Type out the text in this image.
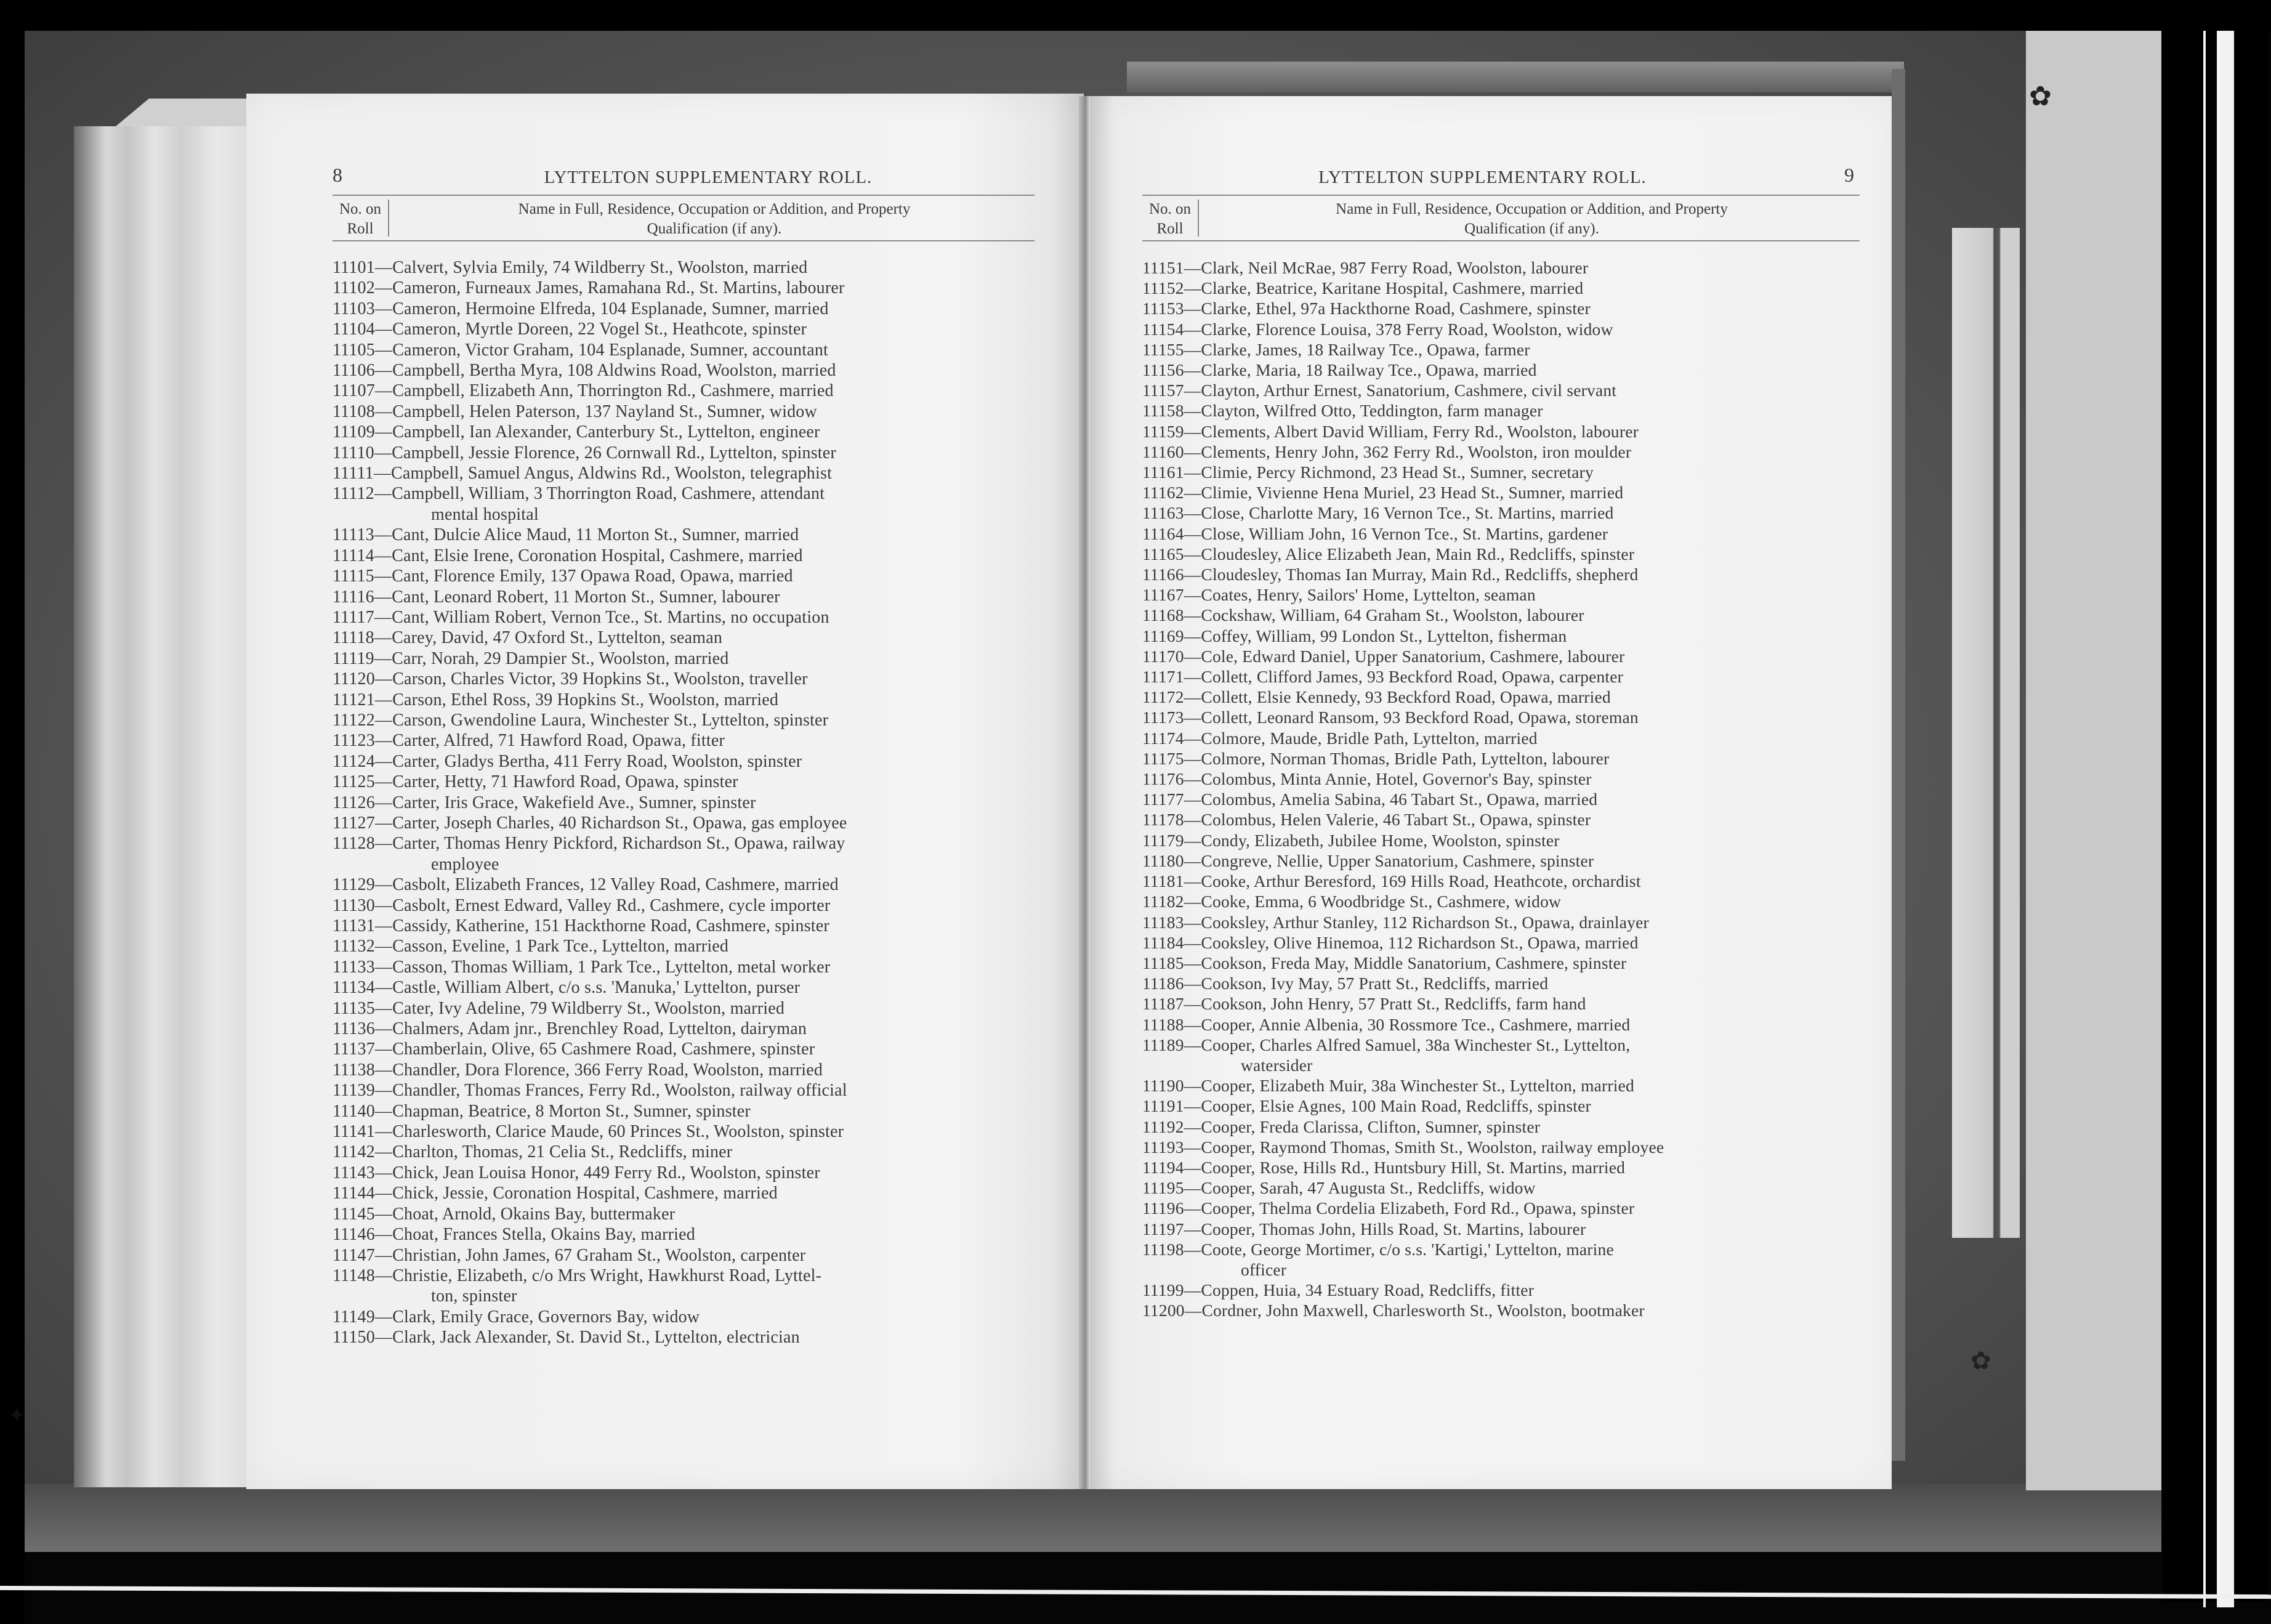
✿
✿
✦
8	LYTTELTON SUPPLEMENTARY ROLL.
No. on
Roll
Name in Full, Residence, Occupation or Addition, and Property
Qualification (if any).
11101—Calvert, Sylvia Emily, 74 Wildberry St., Woolston, married
11102—Cameron, Furneaux James, Ramahana Rd., St. Martins, labourer
11103—Cameron, Hermoine Elfreda, 104 Esplanade, Sumner, married
11104—Cameron, Myrtle Doreen, 22 Vogel St., Heathcote, spinster
11105—Cameron, Victor Graham, 104 Esplanade, Sumner, accountant
11106—Campbell, Bertha Myra, 108 Aldwins Road, Woolston, married
11107—Campbell, Elizabeth Ann, Thorrington Rd., Cashmere, married
11108—Campbell, Helen Paterson, 137 Nayland St., Sumner, widow
11109—Campbell, Ian Alexander, Canterbury St., Lyttelton, engineer
11110—Campbell, Jessie Florence, 26 Cornwall Rd., Lyttelton, spinster
11111—Campbell, Samuel Angus, Aldwins Rd., Woolston, telegraphist
11112—Campbell, William, 3 Thorrington Road, Cashmere, attendant
mental hospital
11113—Cant, Dulcie Alice Maud, 11 Morton St., Sumner, married
11114—Cant, Elsie Irene, Coronation Hospital, Cashmere, married
11115—Cant, Florence Emily, 137 Opawa Road, Opawa, married
11116—Cant, Leonard Robert, 11 Morton St., Sumner, labourer
11117—Cant, William Robert, Vernon Tce., St. Martins, no occupation
11118—Carey, David, 47 Oxford St., Lyttelton, seaman
11119—Carr, Norah, 29 Dampier St., Woolston, married
11120—Carson, Charles Victor, 39 Hopkins St., Woolston, traveller
11121—Carson, Ethel Ross, 39 Hopkins St., Woolston, married
11122—Carson, Gwendoline Laura, Winchester St., Lyttelton, spinster
11123—Carter, Alfred, 71 Hawford Road, Opawa, fitter
11124—Carter, Gladys Bertha, 411 Ferry Road, Woolston, spinster
11125—Carter, Hetty, 71 Hawford Road, Opawa, spinster
11126—Carter, Iris Grace, Wakefield Ave., Sumner, spinster
11127—Carter, Joseph Charles, 40 Richardson St., Opawa, gas employee
11128—Carter, Thomas Henry Pickford, Richardson St., Opawa, railway
employee
11129—Casbolt, Elizabeth Frances, 12 Valley Road, Cashmere, married
11130—Casbolt, Ernest Edward, Valley Rd., Cashmere, cycle importer
11131—Cassidy, Katherine, 151 Hackthorne Road, Cashmere, spinster
11132—Casson, Eveline, 1 Park Tce., Lyttelton, married
11133—Casson, Thomas William, 1 Park Tce., Lyttelton, metal worker
11134—Castle, William Albert, c/o s.s. 'Manuka,' Lyttelton, purser
11135—Cater, Ivy Adeline, 79 Wildberry St., Woolston, married
11136—Chalmers, Adam jnr., Brenchley Road, Lyttelton, dairyman
11137—Chamberlain, Olive, 65 Cashmere Road, Cashmere, spinster
11138—Chandler, Dora Florence, 366 Ferry Road, Woolston, married
11139—Chandler, Thomas Frances, Ferry Rd., Woolston, railway official
11140—Chapman, Beatrice, 8 Morton St., Sumner, spinster
11141—Charlesworth, Clarice Maude, 60 Princes St., Woolston, spinster
11142—Charlton, Thomas, 21 Celia St., Redcliffs, miner
11143—Chick, Jean Louisa Honor, 449 Ferry Rd., Woolston, spinster
11144—Chick, Jessie, Coronation Hospital, Cashmere, married
11145—Choat, Arnold, Okains Bay, buttermaker
11146—Choat, Frances Stella, Okains Bay, married
11147—Christian, John James, 67 Graham St., Woolston, carpenter
11148—Christie, Elizabeth, c/o Mrs Wright, Hawkhurst Road, Lyttel-
ton, spinster
11149—Clark, Emily Grace, Governors Bay, widow
11150—Clark, Jack Alexander, St. David St., Lyttelton, electrician
LYTTELTON SUPPLEMENTARY ROLL.	9
No. on
Roll
Name in Full, Residence, Occupation or Addition, and Property
Qualification (if any).
11151—Clark, Neil McRae, 987 Ferry Road, Woolston, labourer
11152—Clarke, Beatrice, Karitane Hospital, Cashmere, married
11153—Clarke, Ethel, 97a Hackthorne Road, Cashmere, spinster
11154—Clarke, Florence Louisa, 378 Ferry Road, Woolston, widow
11155—Clarke, James, 18 Railway Tce., Opawa, farmer
11156—Clarke, Maria, 18 Railway Tce., Opawa, married
11157—Clayton, Arthur Ernest, Sanatorium, Cashmere, civil servant
11158—Clayton, Wilfred Otto, Teddington, farm manager
11159—Clements, Albert David William, Ferry Rd., Woolston, labourer
11160—Clements, Henry John, 362 Ferry Rd., Woolston, iron moulder
11161—Climie, Percy Richmond, 23 Head St., Sumner, secretary
11162—Climie, Vivienne Hena Muriel, 23 Head St., Sumner, married
11163—Close, Charlotte Mary, 16 Vernon Tce., St. Martins, married
11164—Close, William John, 16 Vernon Tce., St. Martins, gardener
11165—Cloudesley, Alice Elizabeth Jean, Main Rd., Redcliffs, spinster
11166—Cloudesley, Thomas Ian Murray, Main Rd., Redcliffs, shepherd
11167—Coates, Henry, Sailors' Home, Lyttelton, seaman
11168—Cockshaw, William, 64 Graham St., Woolston, labourer
11169—Coffey, William, 99 London St., Lyttelton, fisherman
11170—Cole, Edward Daniel, Upper Sanatorium, Cashmere, labourer
11171—Collett, Clifford James, 93 Beckford Road, Opawa, carpenter
11172—Collett, Elsie Kennedy, 93 Beckford Road, Opawa, married
11173—Collett, Leonard Ransom, 93 Beckford Road, Opawa, storeman
11174—Colmore, Maude, Bridle Path, Lyttelton, married
11175—Colmore, Norman Thomas, Bridle Path, Lyttelton, labourer
11176—Colombus, Minta Annie, Hotel, Governor's Bay, spinster
11177—Colombus, Amelia Sabina, 46 Tabart St., Opawa, married
11178—Colombus, Helen Valerie, 46 Tabart St., Opawa, spinster
11179—Condy, Elizabeth, Jubilee Home, Woolston, spinster
11180—Congreve, Nellie, Upper Sanatorium, Cashmere, spinster
11181—Cooke, Arthur Beresford, 169 Hills Road, Heathcote, orchardist
11182—Cooke, Emma, 6 Woodbridge St., Cashmere, widow
11183—Cooksley, Arthur Stanley, 112 Richardson St., Opawa, drainlayer
11184—Cooksley, Olive Hinemoa, 112 Richardson St., Opawa, married
11185—Cookson, Freda May, Middle Sanatorium, Cashmere, spinster
11186—Cookson, Ivy May, 57 Pratt St., Redcliffs, married
11187—Cookson, John Henry, 57 Pratt St., Redcliffs, farm hand
11188—Cooper, Annie Albenia, 30 Rossmore Tce., Cashmere, married
11189—Cooper, Charles Alfred Samuel, 38a Winchester St., Lyttelton,
watersider
11190—Cooper, Elizabeth Muir, 38a Winchester St., Lyttelton, married
11191—Cooper, Elsie Agnes, 100 Main Road, Redcliffs, spinster
11192—Cooper, Freda Clarissa, Clifton, Sumner, spinster
11193—Cooper, Raymond Thomas, Smith St., Woolston, railway employee
11194—Cooper, Rose, Hills Rd., Huntsbury Hill, St. Martins, married
11195—Cooper, Sarah, 47 Augusta St., Redcliffs, widow
11196—Cooper, Thelma Cordelia Elizabeth, Ford Rd., Opawa, spinster
11197—Cooper, Thomas John, Hills Road, St. Martins, labourer
11198—Coote, George Mortimer, c/o s.s. 'Kartigi,' Lyttelton, marine
officer
11199—Coppen, Huia, 34 Estuary Road, Redcliffs, fitter
11200—Cordner, John Maxwell, Charlesworth St., Woolston, bootmaker
